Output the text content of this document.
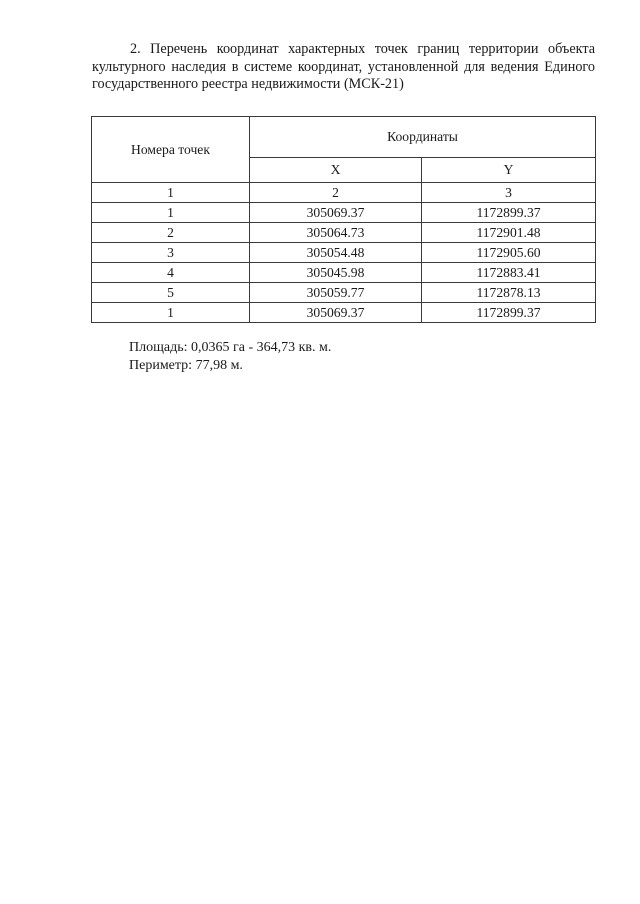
2. Перечень координат характерных точек границ территории объекта культурного наследия в системе координат, установленной для ведения Единого государственного реестра недвижимости (МСК-21)

Номера точек	Координаты	
	X	Y
1	2	3
1	305069.37	1172899.37
2	305064.73	1172901.48
3	305054.48	1172905.60
4	305045.98	1172883.41
5	305059.77	1172878.13
1	305069.37	1172899.37
Площадь: 0,0365 га - 364,73 кв. м.
Периметр: 77,98 м.
